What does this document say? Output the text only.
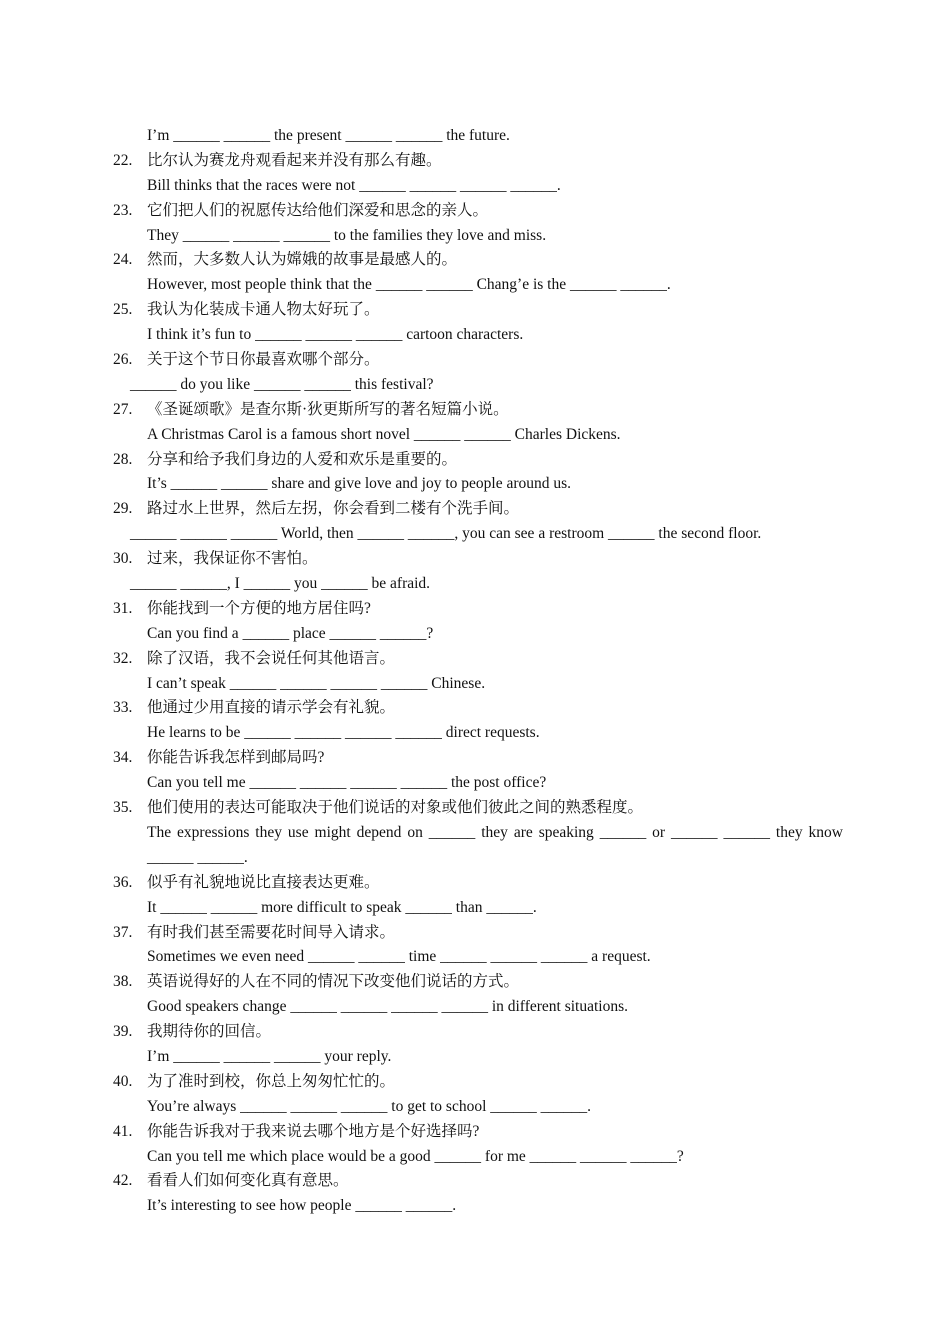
I’m ______ ______ the present ______ ______ the future.
22. 比尔认为赛龙舟观看起来并没有那么有趣。
Bill thinks that the races were not ______ ______ ______ ______.
23. 它们把人们的祝愿传达给他们深爱和思念的亲人。
They ______ ______ ______ to the families they love and miss.
24. 然而，大多数人认为嫦娥的故事是最感人的。
However, most people think that the ______ ______ Chang’e is the ______ ______.
25. 我认为化装成卡通人物太好玩了。
I think it’s fun to ______ ______ ______ cartoon characters.
26. 关于这个节日你最喜欢哪个部分。
______ do you like ______ ______ this festival?
27. 《圣诞颂歌》是查尔斯·狄更斯所写的著名短篇小说。
A Christmas Carol is a famous short novel ______ ______ Charles Dickens.
28. 分享和给予我们身边的人爱和欢乐是重要的。
It’s ______ ______ share and give love and joy to people around us.
29. 路过水上世界，然后左拐，你会看到二楼有个洗手间。
______ ______ ______ World, then ______ ______, you can see a restroom ______ the second floor.
30. 过来，我保证你不害怕。
______ ______, I ______ you ______ be afraid.
31. 你能找到一个方便的地方居住吗?
Can you find a ______ place ______ ______?
32. 除了汉语，我不会说任何其他语言。
I can’t speak ______ ______ ______ ______ Chinese.
33. 他通过少用直接的请示学会有礼貌。
He learns to be ______ ______ ______ ______ direct requests.
34. 你能告诉我怎样到邮局吗?
Can you tell me ______ ______ ______ ______ the post office?
35. 他们使用的表达可能取决于他们说话的对象或他们彼此之间的熟悉程度。
The expressions they use might depend on ______ they are speaking ______ or ______ ______ they know ______ ______.
36. 似乎有礼貌地说比直接表达更难。
It ______ ______ more difficult to speak ______ than ______.
37. 有时我们甚至需要花时间导入请求。
Sometimes we even need ______ ______ time ______ ______ ______ a request.
38. 英语说得好的人在不同的情况下改变他们说话的方式。
Good speakers change ______ ______ ______ ______ in different situations.
39. 我期待你的回信。
I’m ______ ______ ______ your reply.
40. 为了准时到校，你总上匆匆忙忙的。
You’re always ______ ______ ______ to get to school ______ ______.
41. 你能告诉我对于我来说去哪个地方是个好选择吗?
Can you tell me which place would be a good ______ for me ______ ______ ______?
42. 看看人们如何变化真有意思。
It’s interesting to see how people ______ ______.
